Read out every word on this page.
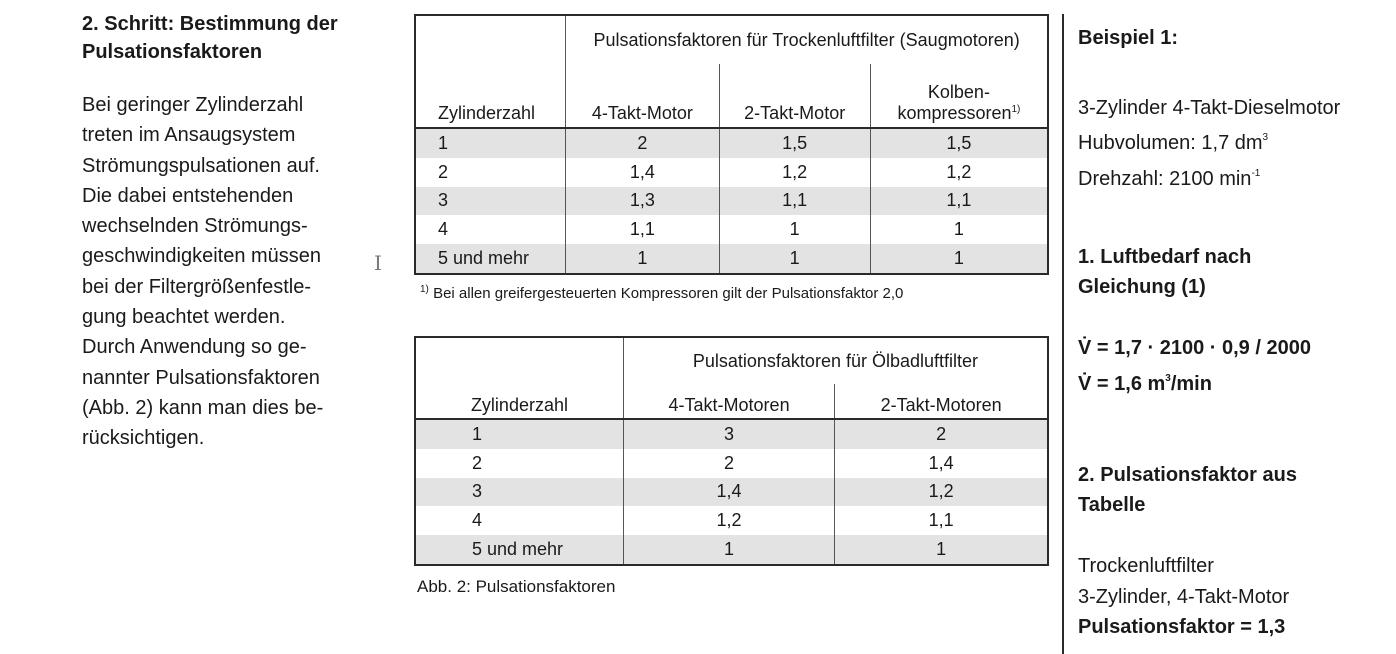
2. Schritt: Bestimmung der
Pulsationsfaktoren
Bei geringer Zylinderzahl
treten im Ansaugsystem
Strömungspulsationen auf.
Die dabei entstehenden
wechselnden Strömungs-
geschwindigkeiten müssen
bei der Filtergrößenfestle-
gung beachtet werden.
Durch Anwendung so ge-
nannter Pulsationsfaktoren
(Abb. 2) kann man dies be-
rücksichtigen.
I
	Pulsationsfaktoren für Trockenluftfilter (Saugmotoren)		
Zylinderzahl	4-Takt-Motor	2-Takt-Motor	Kolben-
kompressoren$^{1)}$
1	2	1,5	1,5
2	1,4	1,2	1,2
3	1,3	1,1	1,1
4	1,1	1	1
5 und mehr	1	1	1
$^{1)}$ Bei allen greifergesteuerten Kompressoren gilt der Pulsationsfaktor 2,0
	Pulsationsfaktoren für Ölbadluftfilter	
Zylinderzahl	4-Takt-Motoren	2-Takt-Motoren
1	3	2
2	2	1,4
3	1,4	1,2
4	1,2	1,1
5 und mehr	1	1
Abb. 2: Pulsationsfaktoren
Beispiel 1:
3-Zylinder 4-Takt-Dieselmotor
Hubvolumen: 1,7 $dm^3$
Drehzahl: 2100 $\min^{-1}$
1. Luftbedarf nach
Gleichung (1)
V̇ = 1,7 · 2100 · 0,9 / 2000
V̇ = 1,6 $m^3/\min$
2. Pulsationsfaktor aus
Tabelle
Trockenluftfilter
3-Zylinder, 4-Takt-Motor
Pulsationsfaktor = 1,3
